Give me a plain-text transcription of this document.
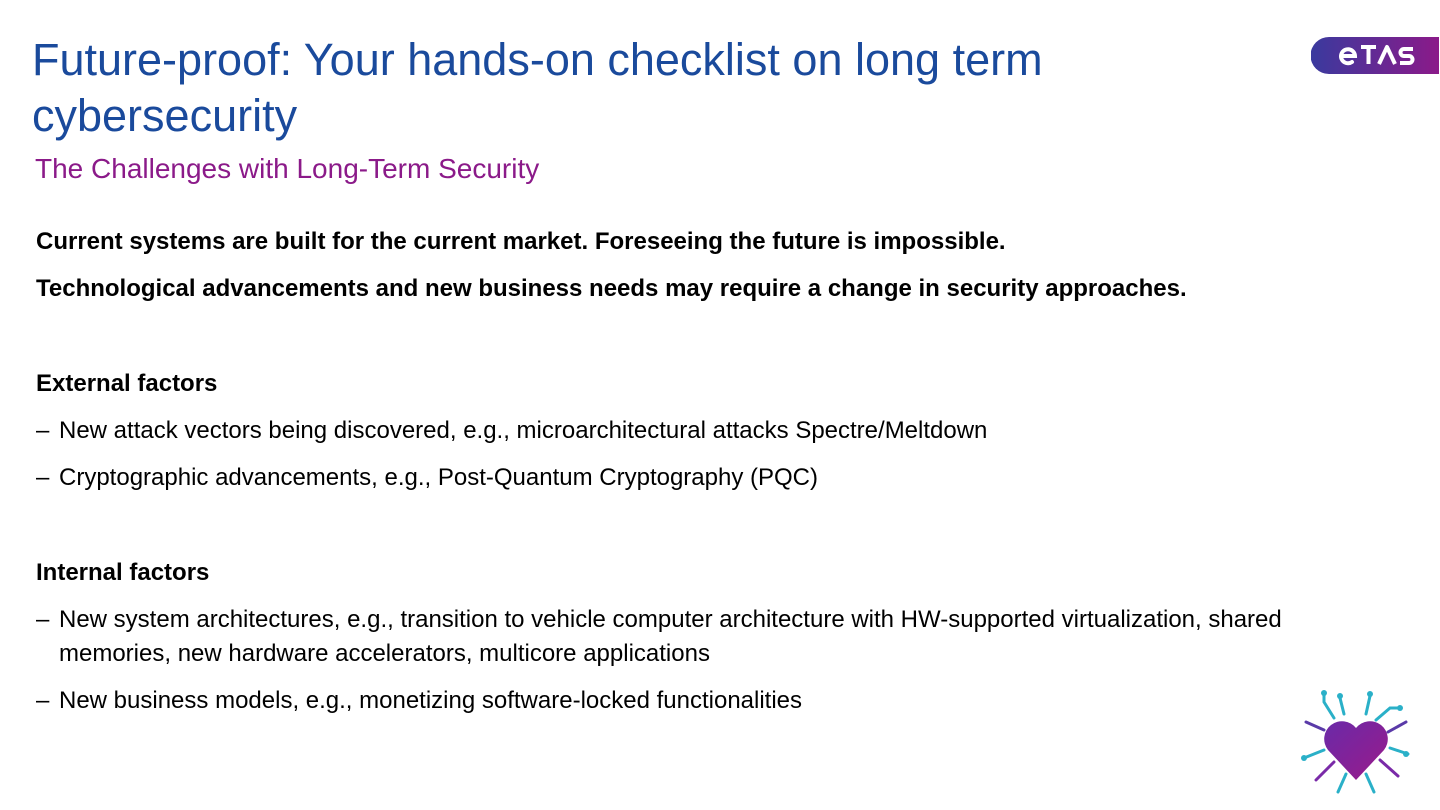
Future-proof: Your hands-on checklist on long term cybersecurity
The Challenges with Long-Term Security

Current systems are built for the current market. Foreseeing the future is impossible.

Technological advancements and new business needs may require a change in security approaches.

External factors

– New attack vectors being discovered, e.g., microarchitectural attacks Spectre/Meltdown
– Cryptographic advancements, e.g., Post-Quantum Cryptography (PQC)

Internal factors

– New system architectures, e.g., transition to vehicle computer architecture with HW-supported virtualization, shared memories, new hardware accelerators, multicore applications
– New business models, e.g., monetizing software-locked functionalities
